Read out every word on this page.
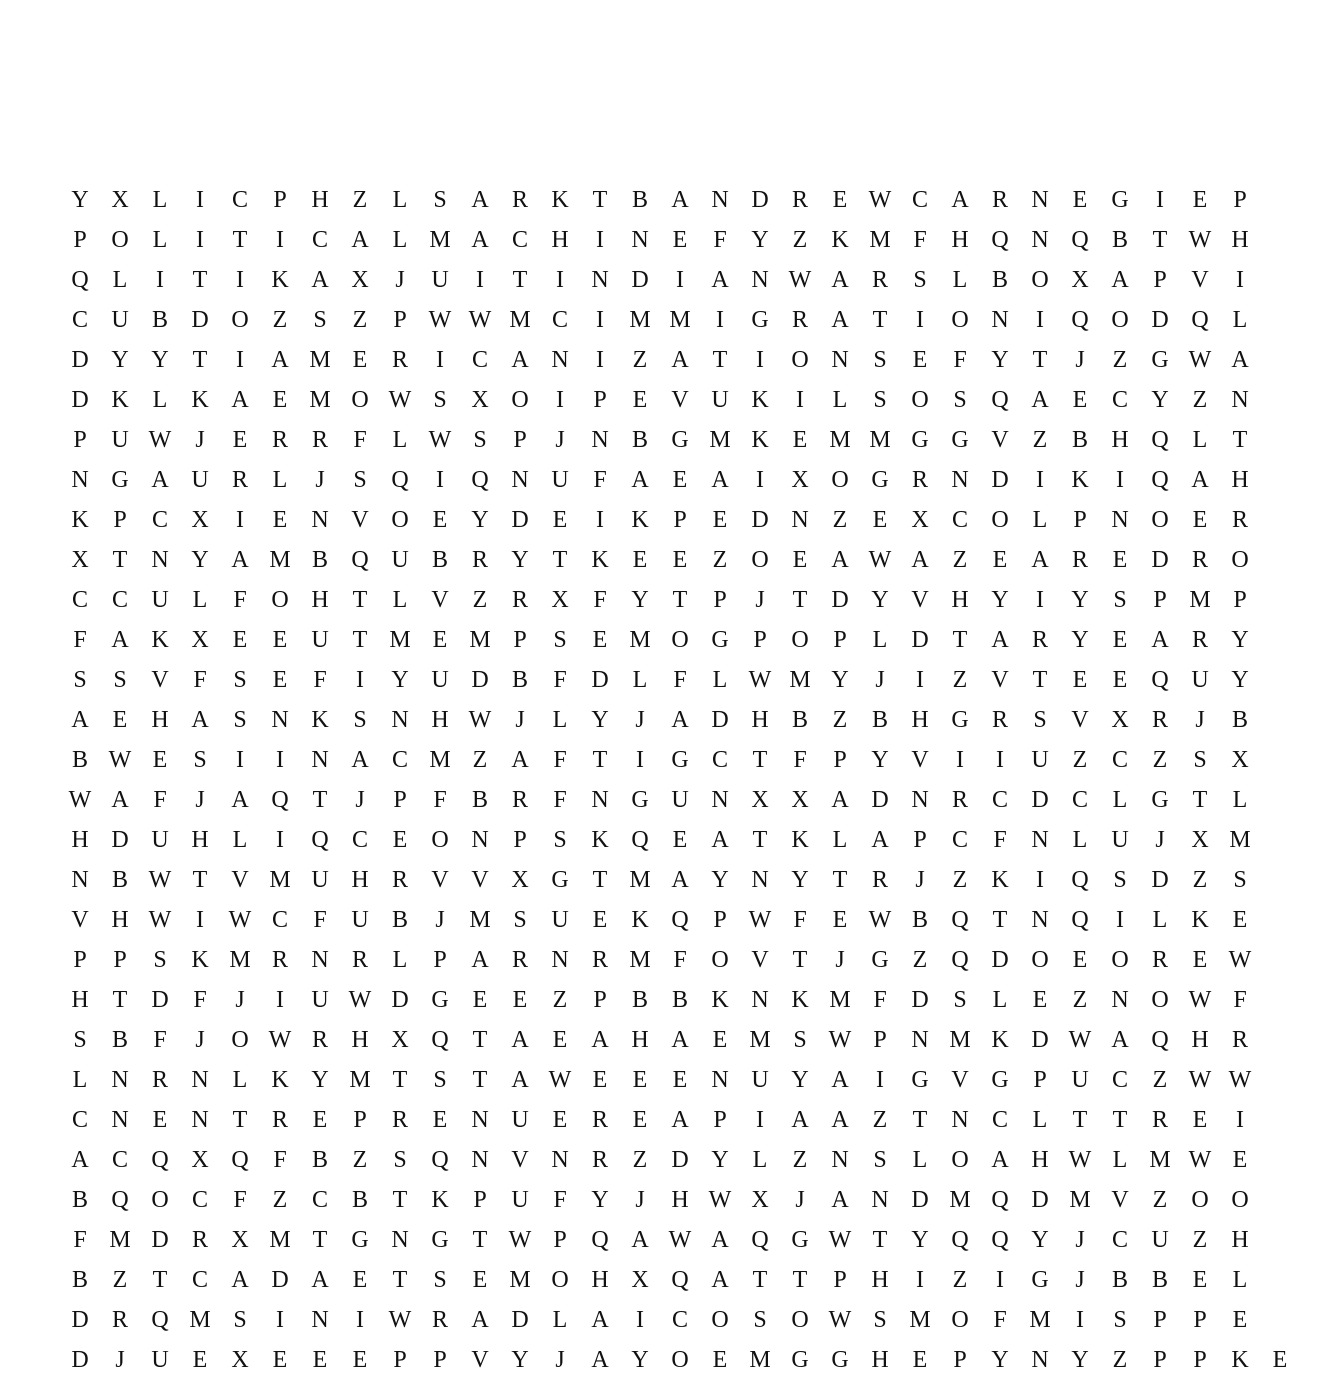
Y X L	I	C	P	H Z	L	S	A R K T	B A N D R	E W C A R N E	G	I	E	P
P	O L	I	T	I	C A L M A C H	I	N E	F	Y Z	K M F	H Q N Q B	T W H
Q L	I	T	I	K A X	J	U	I	T	I	N D	I	A N W A R	S	L	B O X A	P	V	I
C U B D O Z	S	Z	P W W M C	I	M M	I	G R A T	I	O N	I	Q O D Q L
D Y Y T	I	A M E	R	I	C A N	I	Z	A T	I	O N	S	E	F	Y T	J	Z	G W A
D K L	K A E M O W S	X O	I	P	E	V U K	I	L	S	O	S	Q A E	C Y Z	N
P	U W	J	E	R R	F	L W S	P	J	N B G M K E M M G G V Z	B H Q L	T
N G A U R	L	J	S	Q	I	Q N U	F	A E	A	I	X O G R N D	I	K	I	Q A H
K	P	C X	I	E	N V O E	Y D E	I	K	P	E	D N Z	E	X C O L	P	N O E	R
X T	N Y A M B Q U B R Y T	K E	E	Z	O E	A W A Z	E	A R	E	D R O
C C U L	F	O H T	L	V Z	R X	F	Y T	P	J	T	D Y V H Y	I	Y	S	P M P
F	A K X E	E	U T M E M P	S	E M O G	P	O	P	L	D T	A R Y E	A R Y
S	S	V	F	S	E	F	I	Y U D B	F	D L	F	L W M Y	J	I	Z	V T	E	E	Q U Y
A E	H A	S	N K	S	N H W	J	L	Y	J	A D H B	Z	B H G R	S	V X R	J	B
B W E	S	I	I	N A C M Z	A	F	T	I	G C	T	F	P	Y V	I	I	U Z	C	Z	S	X
W A	F	J	A Q T	J	P	F	B R	F	N G U N X X A D N R C D C	L	G T	L
H D U H L	I	Q C	E	O N	P	S	K Q E	A T	K L	A	P	C	F	N L	U	J	X M
N B W T	V M U H R V V X G T M A Y N Y T	R	J	Z	K	I	Q	S	D Z	S
V H W	I	W C	F	U B	J	M S	U E	K Q	P W F	E W B Q T	N Q	I	L	K E
P	P	S	K M R N R	L	P	A R N R M F	O V T	J	G Z	Q D O E	O R	E W
H T	D	F	J	I	U W D G E	E	Z	P	B B K N K M F	D	S	L	E	Z	N O W F
S	B	F	J	O W R H X Q T	A E	A H A E M S W P	N M K D W A Q H R
L	N R N L	K Y M T	S	T	A W E	E	E	N U Y A	I	G V G	P	U C	Z W W
C N E	N T	R	E	P	R	E	N U E	R	E	A	P	I	A A Z	T	N C	L	T	T	R	E	I
A C Q X Q	F	B	Z	S	Q N V N R	Z	D Y L	Z	N	S	L	O A H W L M W E
B Q O C	F	Z	C B	T	K	P	U	F	Y	J	H W X	J	A N D M Q D M V Z	O O
F M D R X M T	G N G T W P	Q A W A Q G W T	Y Q Q Y	J	C U Z	H
B	Z	T	C A D A E	T	S	E M O H X Q A T	T	P	H	I	Z	I	G	J	B B	E	L
D R Q M S	I	N	I	W R A D L	A	I	C O	S	O W S M O	F M	I	S	P	P	E
D	J	U E	X E	E	E	P	P	V Y	J	A Y O E M G G H E	P	Y N Y Z	P	P	K E
